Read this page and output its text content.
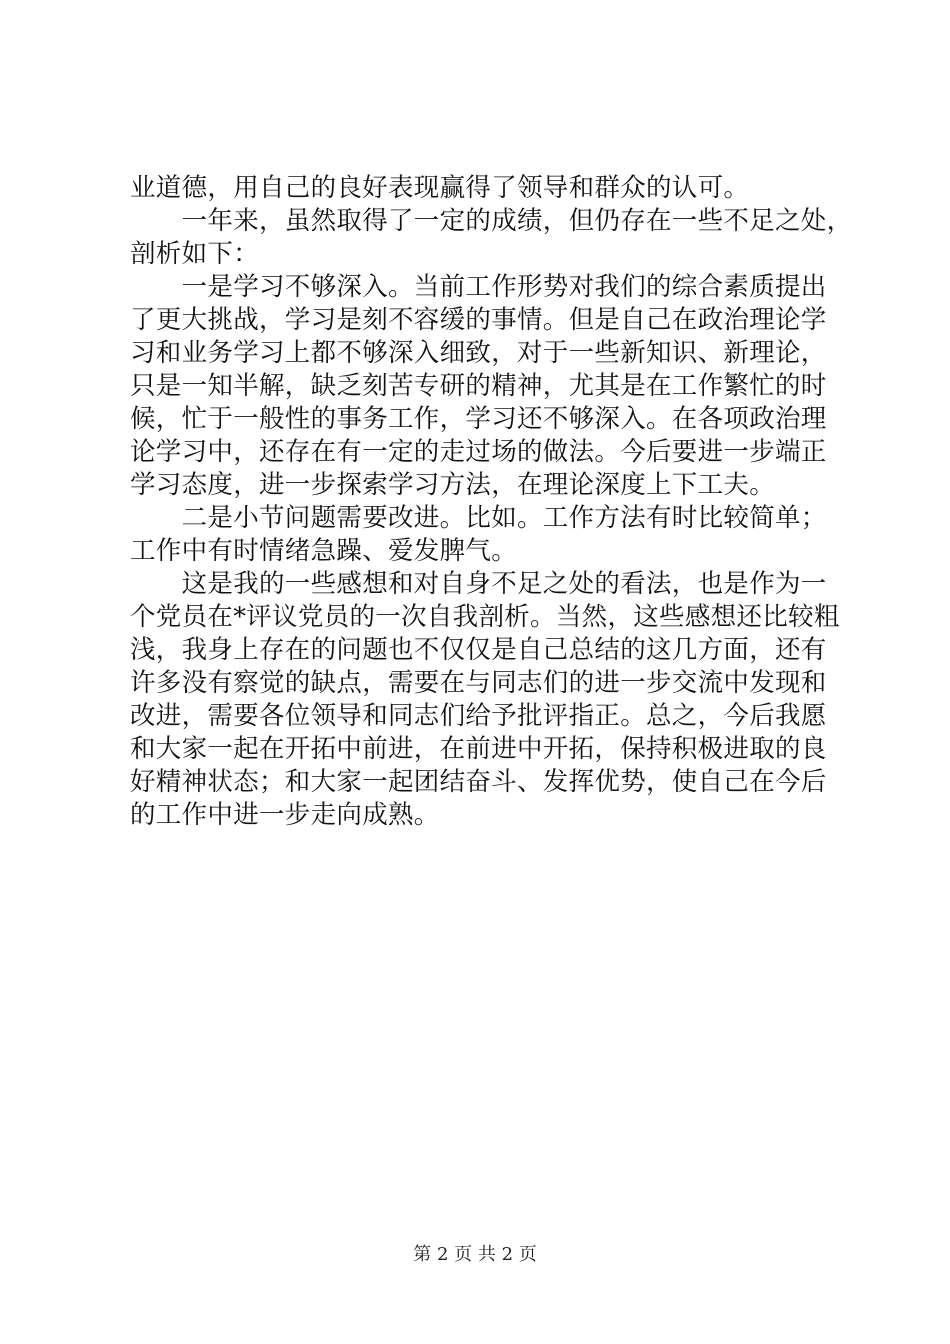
业道德，用自己的良好表现赢得了领导和群众的认可。
　　一年来，虽然取得了一定的成绩，但仍存在一些不足之处，
剖析如下：
　　一是学习不够深入。当前工作形势对我们的综合素质提出
了更大挑战，学习是刻不容缓的事情。但是自己在政治理论学
习和业务学习上都不够深入细致，对于一些新知识、新理论，
只是一知半解，缺乏刻苦专研的精神，尤其是在工作繁忙的时
候，忙于一般性的事务工作，学习还不够深入。在各项政治理
论学习中，还存在有一定的走过场的做法。今后要进一步端正
学习态度，进一步探索学习方法，在理论深度上下工夫。
　　二是小节问题需要改进。比如。工作方法有时比较简单；
工作中有时情绪急躁、爱发脾气。
　　这是我的一些感想和对自身不足之处的看法，也是作为一
个党员在*评议党员的一次自我剖析。当然，这些感想还比较粗
浅，我身上存在的问题也不仅仅是自己总结的这几方面，还有
许多没有察觉的缺点，需要在与同志们的进一步交流中发现和
改进，需要各位领导和同志们给予批评指正。总之，今后我愿
和大家一起在开拓中前进，在前进中开拓，保持积极进取的良
好精神状态；和大家一起团结奋斗、发挥优势，使自己在今后
的工作中进一步走向成熟。
第 2 页 共 2 页
